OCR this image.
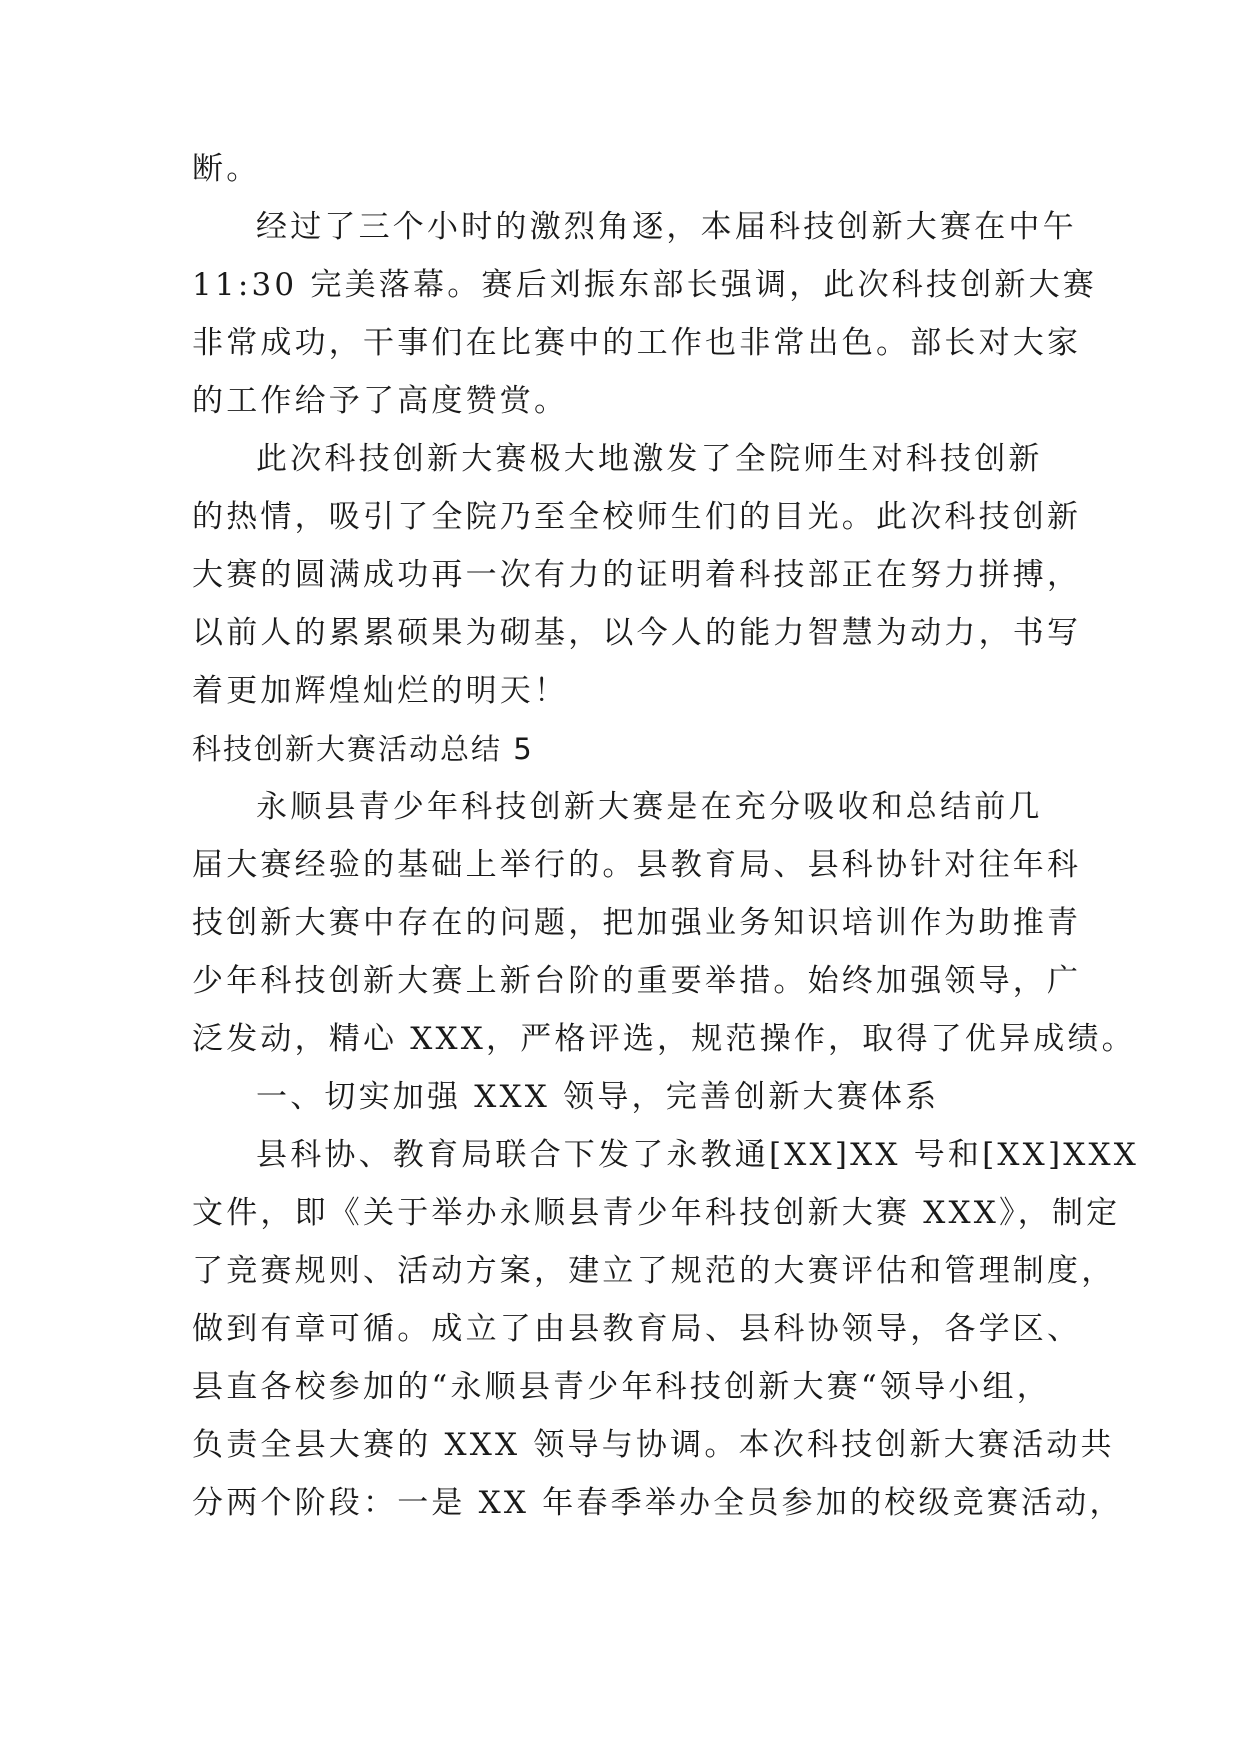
断。
经过了三个小时的激烈角逐，本届科技创新大赛在中午
11:30 完美落幕。赛后刘振东部长强调，此次科技创新大赛
非常成功，干事们在比赛中的工作也非常出色。部长对大家
的工作给予了高度赞赏。
此次科技创新大赛极大地激发了全院师生对科技创新
的热情，吸引了全院乃至全校师生们的目光。此次科技创新
大赛的圆满成功再一次有力的证明着科技部正在努力拼搏，
以前人的累累硕果为砌基，以今人的能力智慧为动力，书写
着更加辉煌灿烂的明天！
科技创新大赛活动总结 5
永顺县青少年科技创新大赛是在充分吸收和总结前几
届大赛经验的基础上举行的。县教育局、县科协针对往年科
技创新大赛中存在的问题，把加强业务知识培训作为助推青
少年科技创新大赛上新台阶的重要举措。始终加强领导，广
泛发动，精心 XXX，严格评选，规范操作，取得了优异成绩。
一、切实加强 XXX 领导，完善创新大赛体系
县科协、教育局联合下发了永教通[XX]XX 号和[XX]XXX
文件，即《关于举办永顺县青少年科技创新大赛 XXX》，制定
了竞赛规则、活动方案，建立了规范的大赛评估和管理制度，
做到有章可循。成立了由县教育局、县科协领导，各学区、
县直各校参加的“永顺县青少年科技创新大赛“领导小组，
负责全县大赛的 XXX 领导与协调。本次科技创新大赛活动共
分两个阶段：一是 XX 年春季举办全员参加的校级竞赛活动，
